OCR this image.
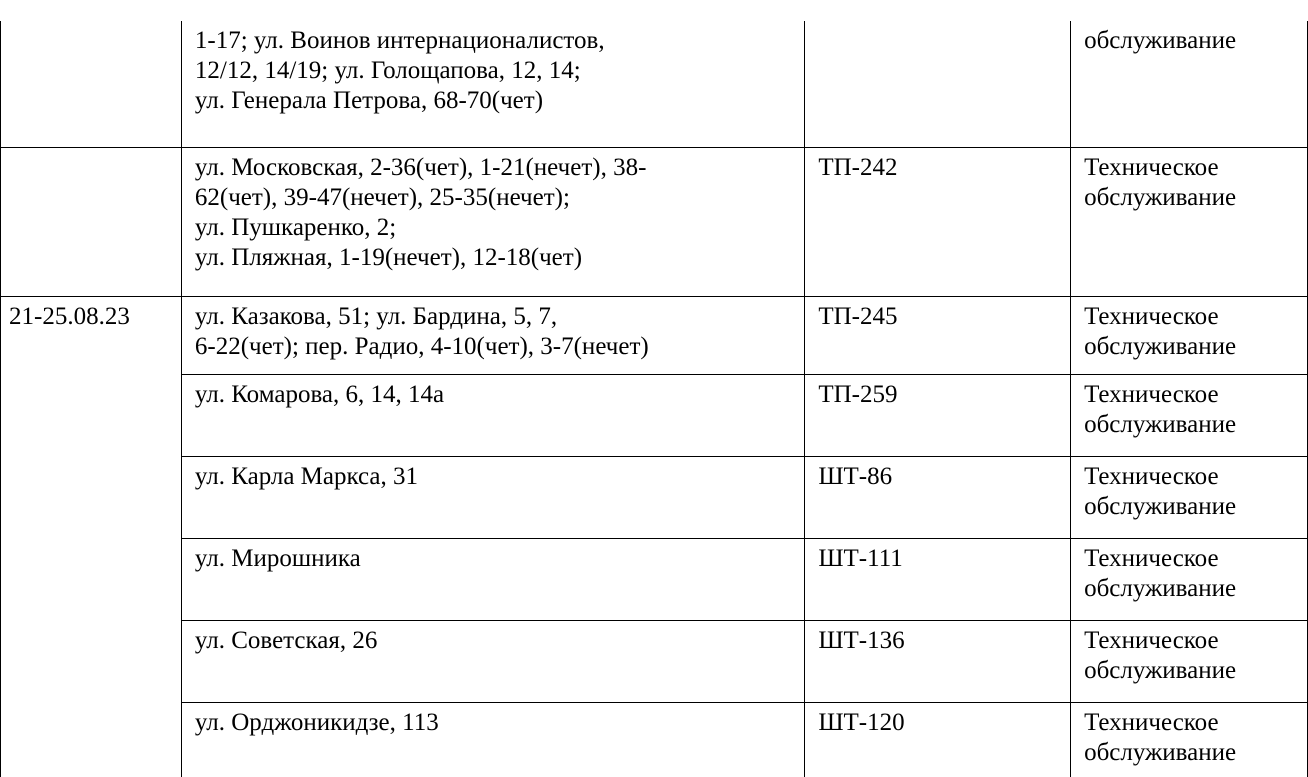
	1-17; ул. Воинов интернационалистов,
12/12, 14/19; ул. Голощапова, 12, 14;
ул. Генерала Петрова, 68-70(чет)		обслуживание
	ул. Московская, 2-36(чет), 1-21(нечет), 38-
62(чет), 39-47(нечет), 25-35(нечет);
ул. Пушкаренко, 2;
ул. Пляжная, 1-19(нечет), 12-18(чет)	ТП-242	Техническое
обслуживание
21-25.08.23	ул. Казакова, 51; ул. Бардина, 5, 7,
6-22(чет); пер. Радио, 4-10(чет), 3-7(нечет)	ТП-245	Техническое
обслуживание
	ул. Комарова, 6, 14, 14а	ТП-259	Техническое
обслуживание
	ул. Карла Маркса, 31	ШТ-86	Техническое
обслуживание
	ул. Мирошника	ШТ-111	Техническое
обслуживание
	ул. Советская, 26	ШТ-136	Техническое
обслуживание
	ул. Орджоникидзе, 113	ШТ-120	Техническое
обслуживание
